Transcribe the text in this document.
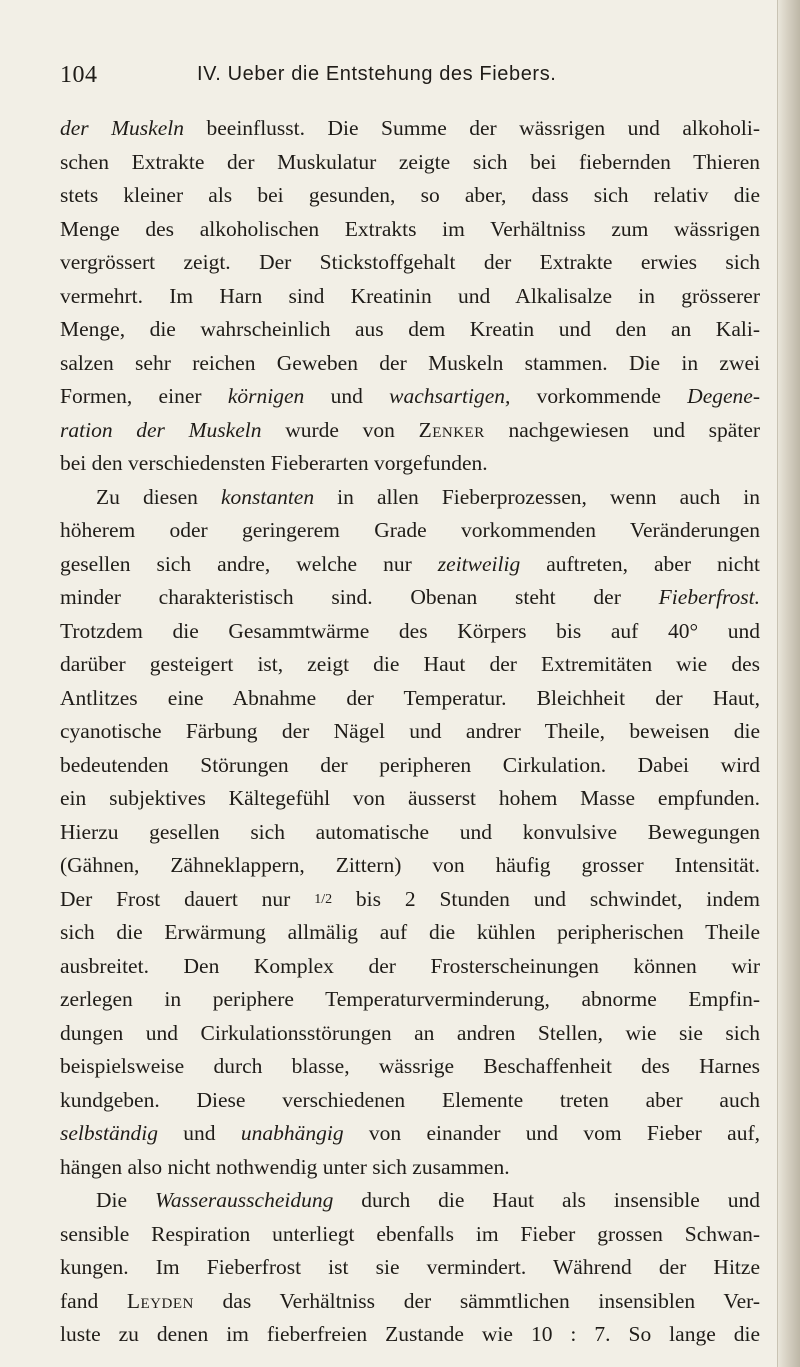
104	IV. Ueber die Entstehung des Fiebers.
der Muskeln beeinflusst. Die Summe der wässrigen und alkoholi-
schen Extrakte der Muskulatur zeigte sich bei fiebernden Thieren
stets kleiner als bei gesunden, so aber, dass sich relativ die
Menge des alkoholischen Extrakts im Verhältniss zum wässrigen
vergrössert zeigt. Der Stickstoffgehalt der Extrakte erwies sich
vermehrt. Im Harn sind Kreatinin und Alkalisalze in grösserer
Menge, die wahrscheinlich aus dem Kreatin und den an Kali-
salzen sehr reichen Geweben der Muskeln stammen. Die in zwei
Formen, einer körnigen und wachsartigen, vorkommende Degene-
ration der Muskeln wurde von Zenker nachgewiesen und später
bei den verschiedensten Fieberarten vorgefunden.
Zu diesen konstanten in allen Fieberprozessen, wenn auch in
höherem oder geringerem Grade vorkommenden Veränderungen
gesellen sich andre, welche nur zeitweilig auftreten, aber nicht
minder charakteristisch sind. Obenan steht der Fieberfrost.
Trotzdem die Gesammtwärme des Körpers bis auf 40° und
darüber gesteigert ist, zeigt die Haut der Extremitäten wie des
Antlitzes eine Abnahme der Temperatur. Bleichheit der Haut,
cyanotische Färbung der Nägel und andrer Theile, beweisen die
bedeutenden Störungen der peripheren Cirkulation. Dabei wird
ein subjektives Kältegefühl von äusserst hohem Masse empfunden.
Hierzu gesellen sich automatische und konvulsive Bewegungen
(Gähnen, Zähneklappern, Zittern) von häufig grosser Intensität.
Der Frost dauert nur 1/2 bis 2 Stunden und schwindet, indem
sich die Erwärmung allmälig auf die kühlen peripherischen Theile
ausbreitet. Den Komplex der Frosterscheinungen können wir
zerlegen in periphere Temperaturverminderung, abnorme Empfin-
dungen und Cirkulationsstörungen an andren Stellen, wie sie sich
beispielsweise durch blasse, wässrige Beschaffenheit des Harnes
kundgeben. Diese verschiedenen Elemente treten aber auch
selbständig und unabhängig von einander und vom Fieber auf,
hängen also nicht nothwendig unter sich zusammen.
Die Wasserausscheidung durch die Haut als insensible und
sensible Respiration unterliegt ebenfalls im Fieber grossen Schwan-
kungen. Im Fieberfrost ist sie vermindert. Während der Hitze
fand Leyden das Verhältniss der sämmtlichen insensiblen Ver-
luste zu denen im fieberfreien Zustande wie 10 : 7. So lange die
